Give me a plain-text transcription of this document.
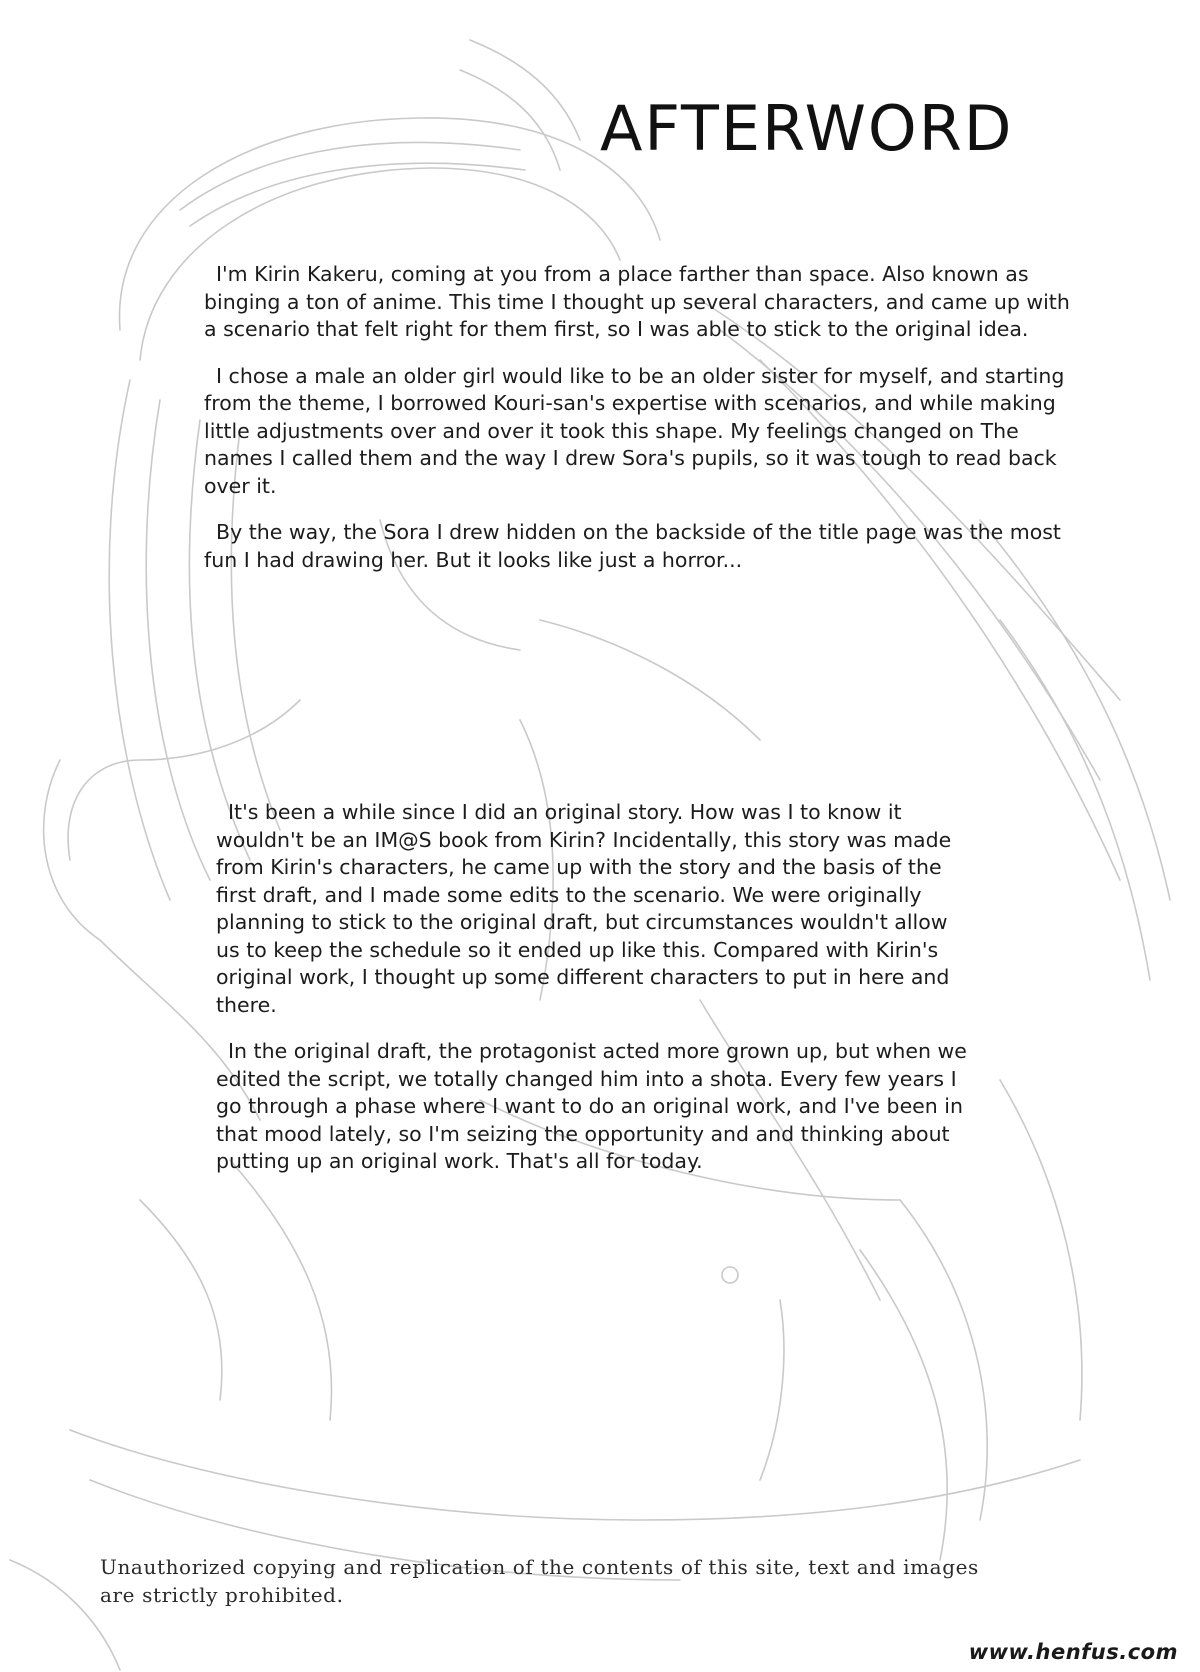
AFTERWORD

I'm Kirin Kakeru, coming at you from a place farther than space. Also known as binging a ton of anime. This time I thought up several characters, and came up with a scenario that felt right for them first, so I was able to stick to the original idea.

I chose a male an older girl would like to be an older sister for myself, and starting from the theme, I borrowed Kouri-san's expertise with scenarios, and while making little adjustments over and over it took this shape. My feelings changed on The names I called them and the way I drew Sora's pupils, so it was tough to read back over it.

By the way, the Sora I drew hidden on the backside of the title page was the most fun I had drawing her. But it looks like just a horror...

It's been a while since I did an original story. How was I to know it wouldn't be an IM@S book from Kirin? Incidentally, this story was made from Kirin's characters, he came up with the story and the basis of the first draft, and I made some edits to the scenario. We were originally planning to stick to the original draft, but circumstances wouldn't allow us to keep the schedule so it ended up like this. Compared with Kirin's original work, I thought up some different characters to put in here and there.

In the original draft, the protagonist acted more grown up, but when we edited the script, we totally changed him into a shota. Every few years I go through a phase where I want to do an original work, and I've been in that mood lately, so I'm seizing the opportunity and and thinking about putting up an original work. That's all for today.

Unauthorized copying and replication of the contents of this site, text and images are strictly prohibited.

www.henfus.com
